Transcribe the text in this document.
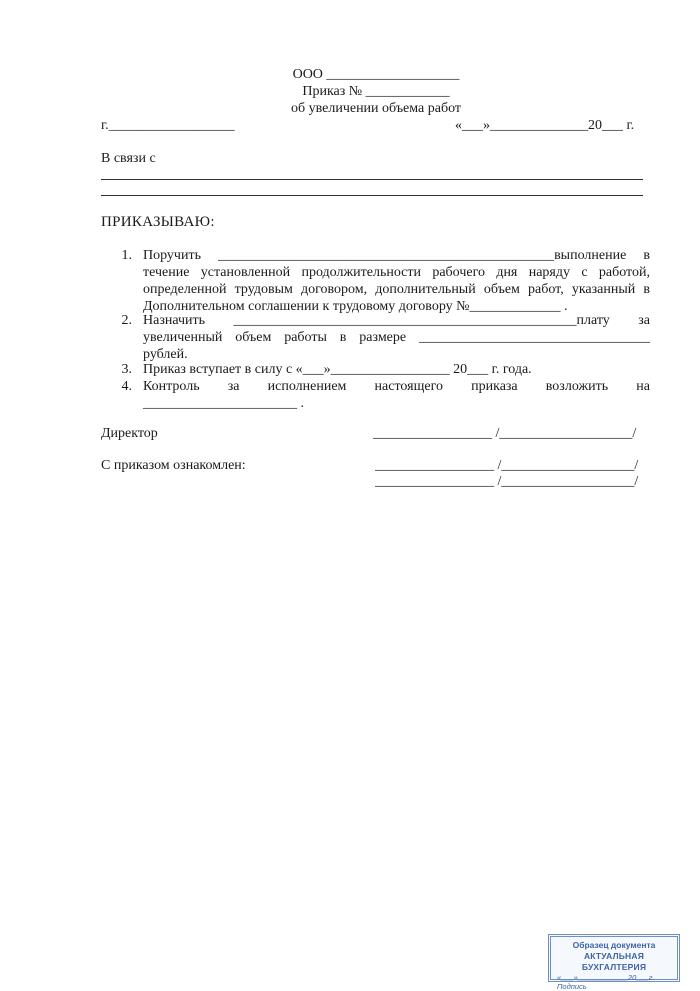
ООО ___________________
Приказ № ____________
об увеличении объема работ
г.__________________	«___»______________20___ г.
В связи с
ПРИКАЗЫВАЮ:
1. Поручить ________________________________________________выполнение в
течение установленной продолжительности рабочего дня наряду с работой,
определенной трудовым договором, дополнительный объем работ, указанный в
Дополнительном соглашении к трудовому договору №_____________ .
2. Назначить _________________________________________________плату за
увеличенный объем работы в размере _________________________________
рублей.
3. Приказ вступает в силу с «___»_________________ 20___ г. года.
4. Контроль за исполнением настоящего приказа возложить на
______________________ .
Директор	_________________ /___________________/
С приказом ознакомлен:	_________________ /___________________/
_________________ /___________________/
Образец документа
АКТУАЛЬНАЯ БУХГАЛТЕРИЯ
«___»____________20___г.
Подпись
